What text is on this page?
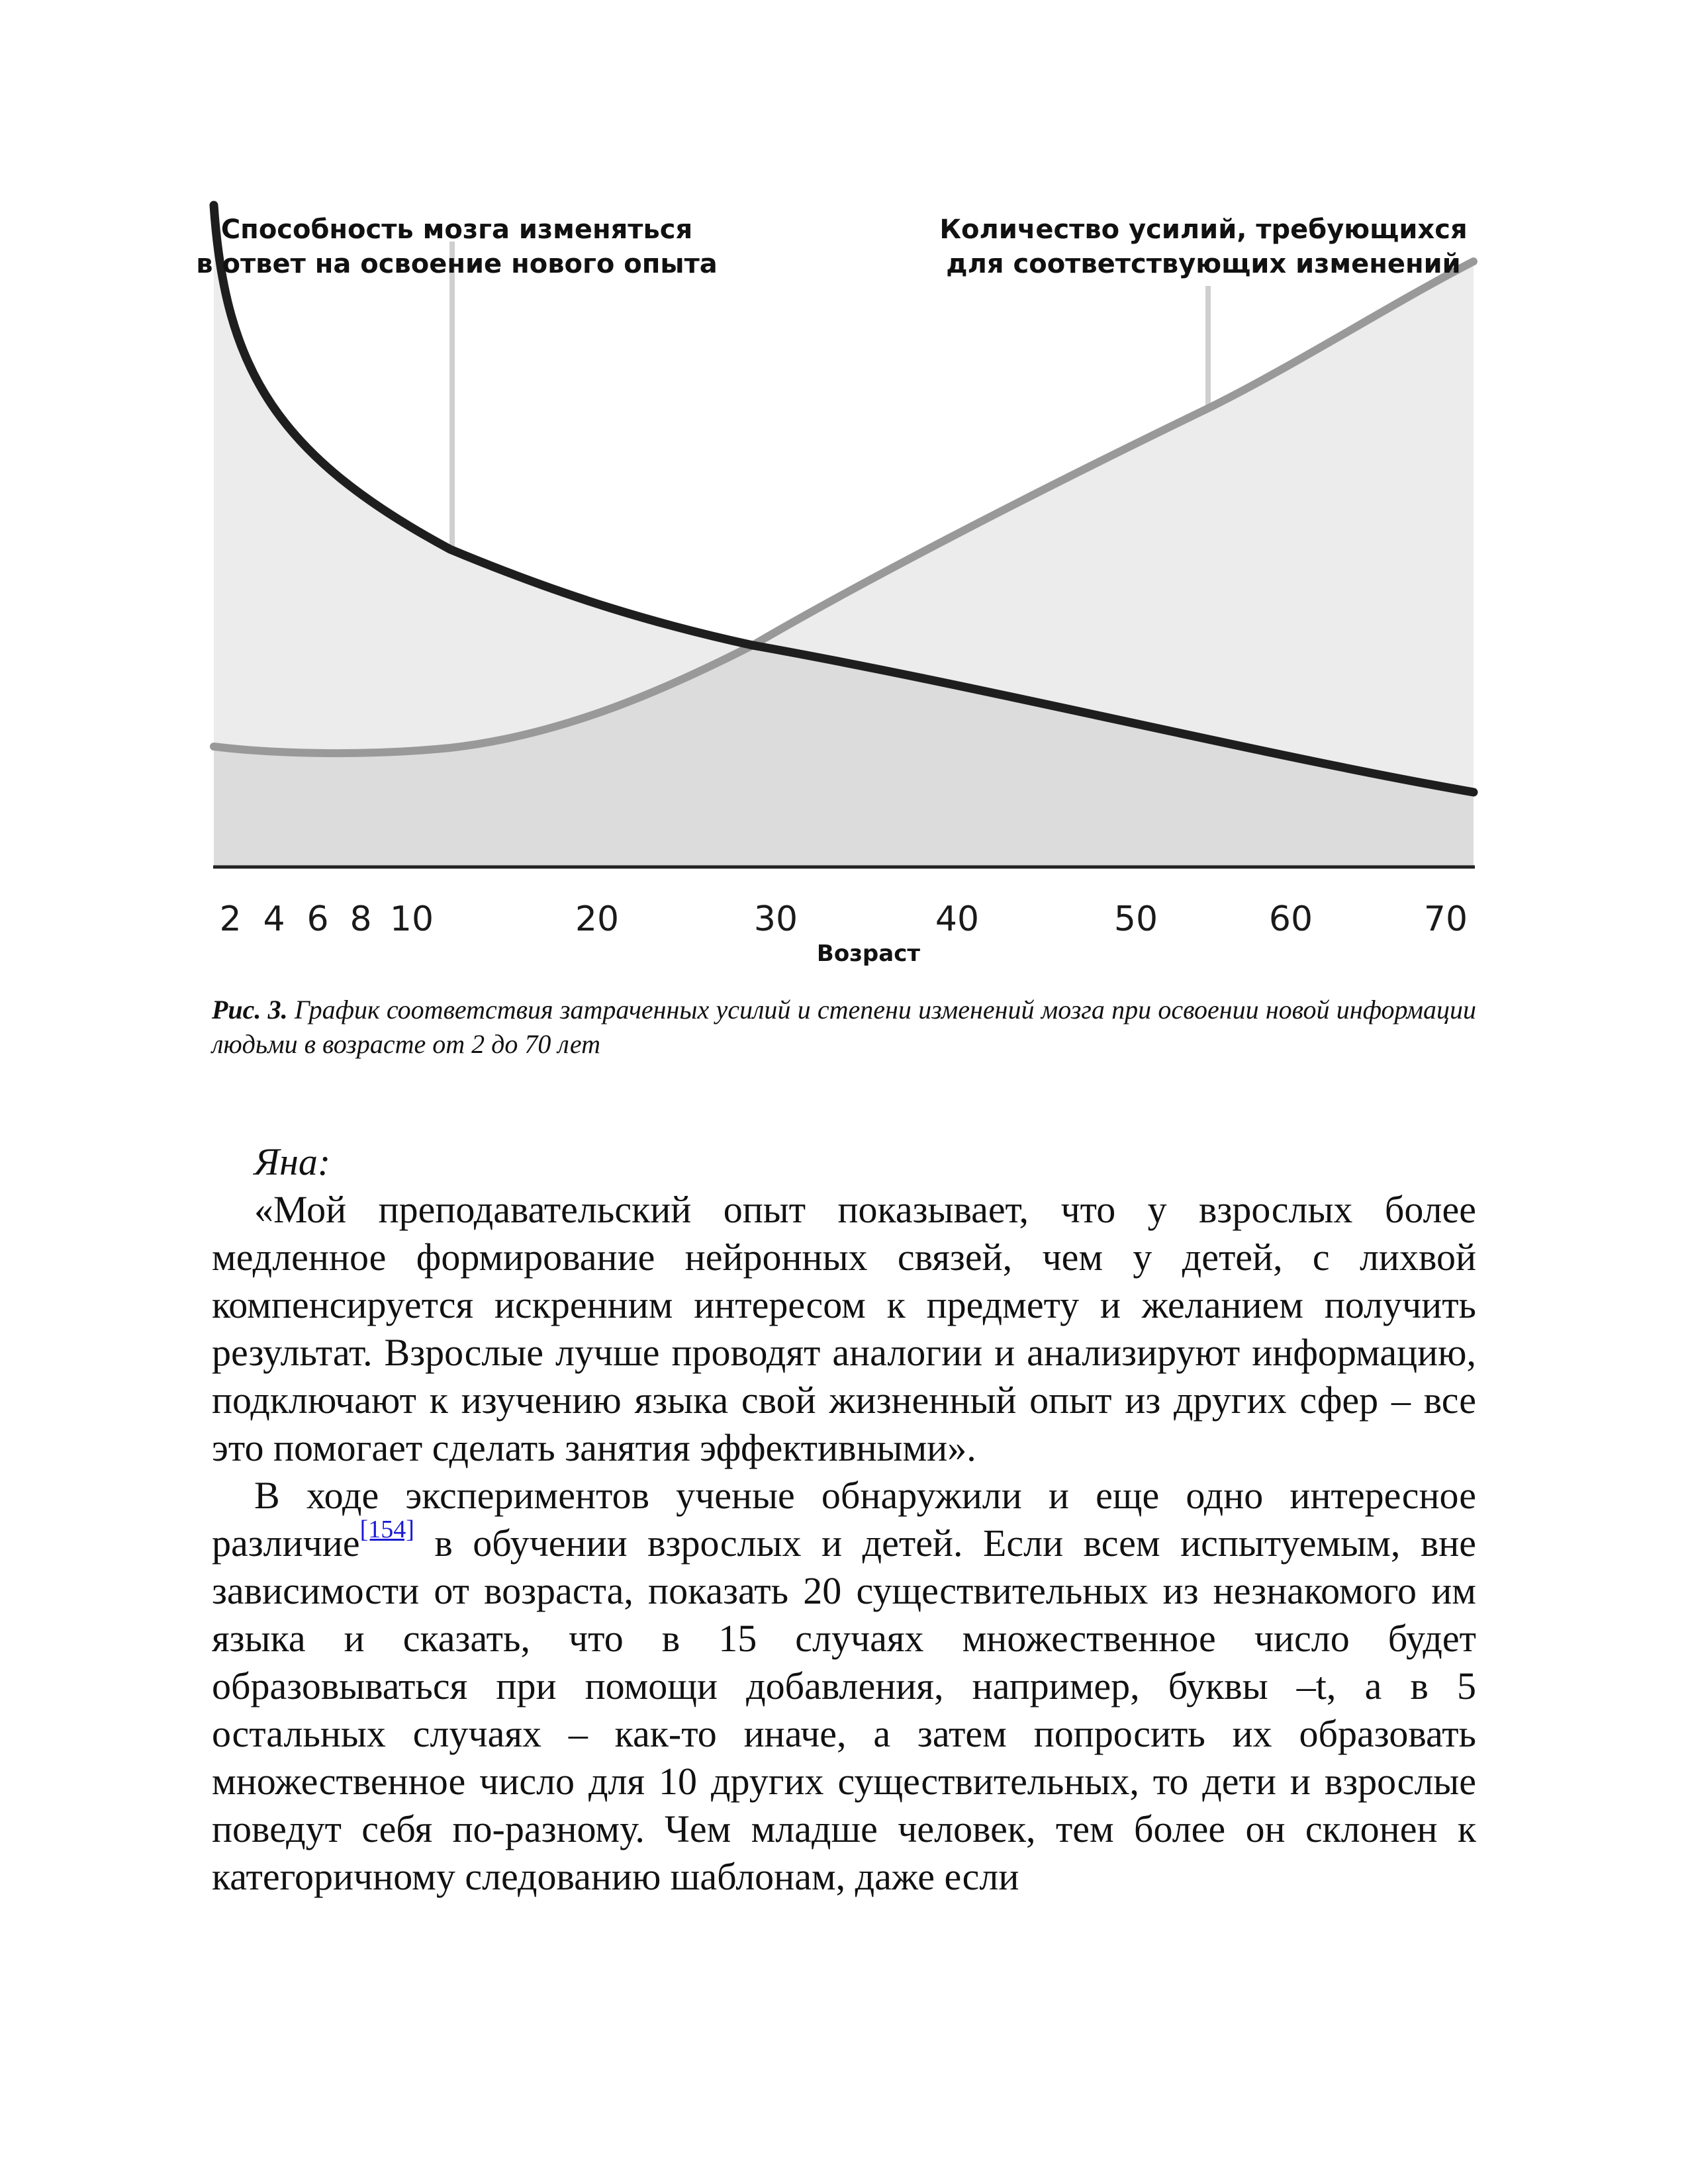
Способность мозга изменяться
в ответ на освоение нового опыта
Количество усилий, требующихся
для соответствующих изменений
2 4 6 8 10	20	30	40	50	60	70
Возраст
Рис. 3. График соответствия затраченных усилий и степени изменений мозга при освоении новой информации людьми в возрасте от 2 до 70 лет

Яна:

«Мой преподавательский опыт показывает, что у взрослых более медленное формирование нейронных связей, чем у детей, с лихвой компенсируется искренним интересом к предмету и желанием получить результат. Взрослые лучше проводят аналогии и анализируют информацию, подключают к изучению языка свой жизненный опыт из других сфер – все это помогает сделать занятия эффективными».

В ходе экспериментов ученые обнаружили и еще одно интересное различие[154] в обучении взрослых и детей. Если всем испытуемым, вне зависимости от возраста, показать 20 существительных из незнакомого им языка и сказать, что в 15 случаях множественное число будет образовываться при помощи добавления, например, буквы –t, а в 5 остальных случаях – как-то иначе, а затем попросить их образовать множественное число для 10 других существительных, то дети и взрослые поведут себя по-разному. Чем младше человек, тем более он склонен к категоричному следованию шаблонам, даже если
